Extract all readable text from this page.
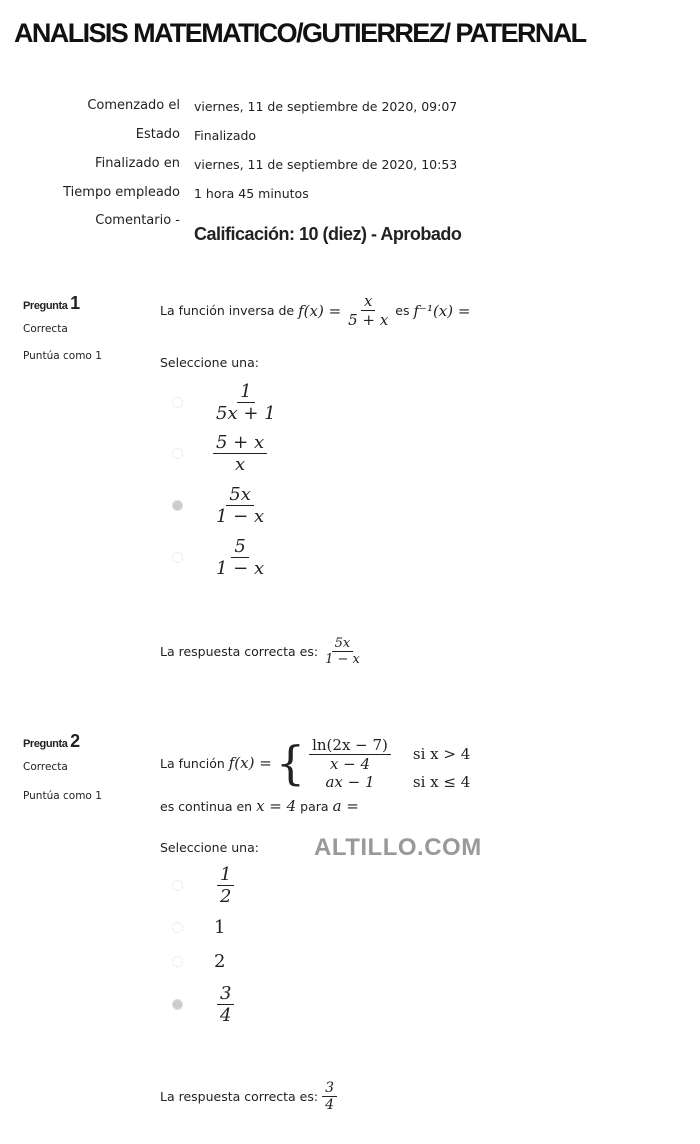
ANALISIS MATEMATICO/GUTIERREZ/ PATERNAL
Comenzado el viernes, 11 de septiembre de 2020, 09:07
Estado Finalizado
Finalizado en viernes, 11 de septiembre de 2020, 10:53
Tiempo empleado 1 hora 45 minutos
Comentario -
Calificación: 10 (diez) - Aprobado
Pregunta 1
Correcta
Puntúa como 1
La función inversa de
$f(x) = \frac{x}{5 + x}$ es
f⁻¹(x) =
Seleccione una:
$\frac{1}{5x + 1}$
$\frac{5 + x}{x}$
$\frac{5x}{1 - x}$
$\frac{5}{1 - x}$
La respuesta correcta es: $\frac{5x}{1 - x}$
Pregunta 2
Correcta
Puntúa como 1
La función
f(x) = { $\frac{\ln(2x - 7)}{x - 4}$ si x > 4
ax − 1	si x ≤ 4
es continua en
x = 4
para
a =
Seleccione una: ALTILLO.COM
$\frac{1}{2}$
1
2
$\frac{3}{4}$
La respuesta correcta es: $\frac{3}{4}$
